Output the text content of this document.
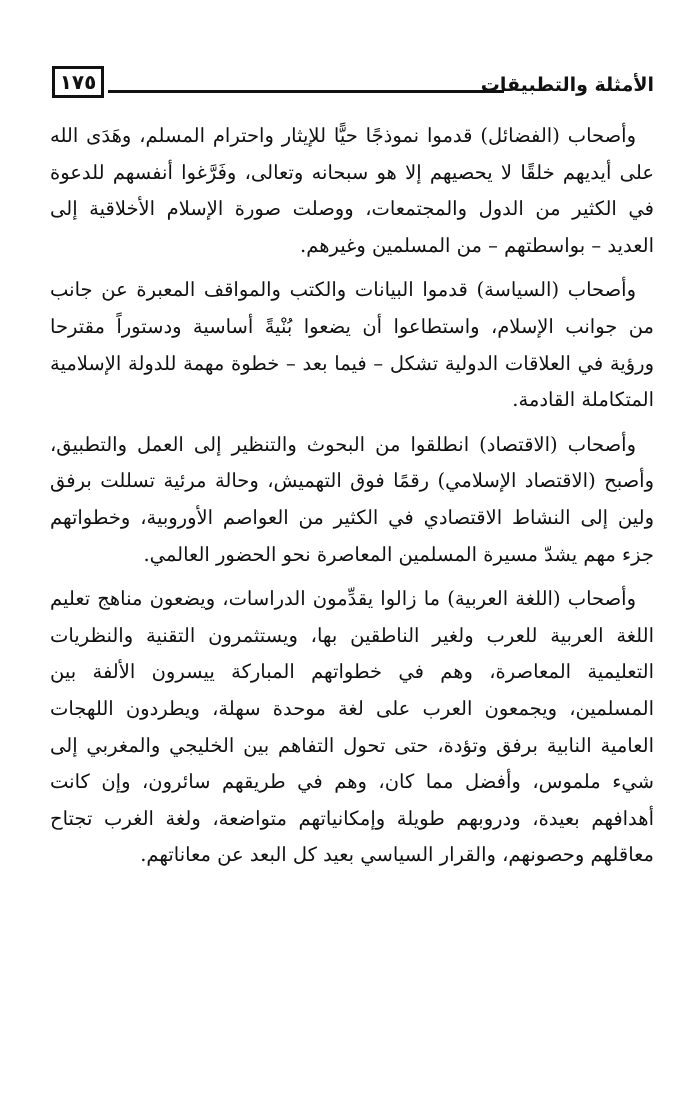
١٧٥	الأمثلة والتطبيقات

وأصحاب (الفضائل) قدموا نموذجًا حيًّا للإيثار واحترام المسلم، وهَدَى الله على أيديهم خلقًا لا يحصيهم إلا هو سبحانه وتعالى، وفَرَّغوا أنفسهم للدعوة في الكثير من الدول والمجتمعات، ووصلت صورة الإسلام الأخلاقية إلى العديد – بواسطتهم – من المسلمين وغيرهم.

وأصحاب (السياسة) قدموا البيانات والكتب والمواقف المعبرة عن جانب من جوانب الإسلام، واستطاعوا أن يضعوا بُنْيةً أساسية ودستوراً مقترحا ورؤية في العلاقات الدولية تشكل – فيما بعد – خطوة مهمة للدولة الإسلامية المتكاملة القادمة.

وأصحاب (الاقتصاد) انطلقوا من البحوث والتنظير إلى العمل والتطبيق، وأصبح (الاقتصاد الإسلامي) رقمًا فوق التهميش، وحالة مرئية تسللت برفق ولين إلى النشاط الاقتصادي في الكثير من العواصم الأوروبية، وخطواتهم جزء مهم يشدّ مسيرة المسلمين المعاصرة نحو الحضور العالمي.

وأصحاب (اللغة العربية) ما زالوا يقدِّمون الدراسات، ويضعون مناهج تعليم اللغة العربية للعرب ولغير الناطقين بها، ويستثمرون التقنية والنظريات التعليمية المعاصرة، وهم في خطواتهم المباركة ييسرون الألفة بين المسلمين، ويجمعون العرب على لغة موحدة سهلة، ويطردون اللهجات العامية النابية برفق وتؤدة، حتى تحول التفاهم بين الخليجي والمغربي إلى شيء ملموس، وأفضل مما كان، وهم في طريقهم سائرون، وإن كانت أهدافهم بعيدة، ودروبهم طويلة وإمكانياتهم متواضعة، ولغة الغرب تجتاح معاقلهم وحصونهم، والقرار السياسي بعيد كل البعد عن معاناتهم.
